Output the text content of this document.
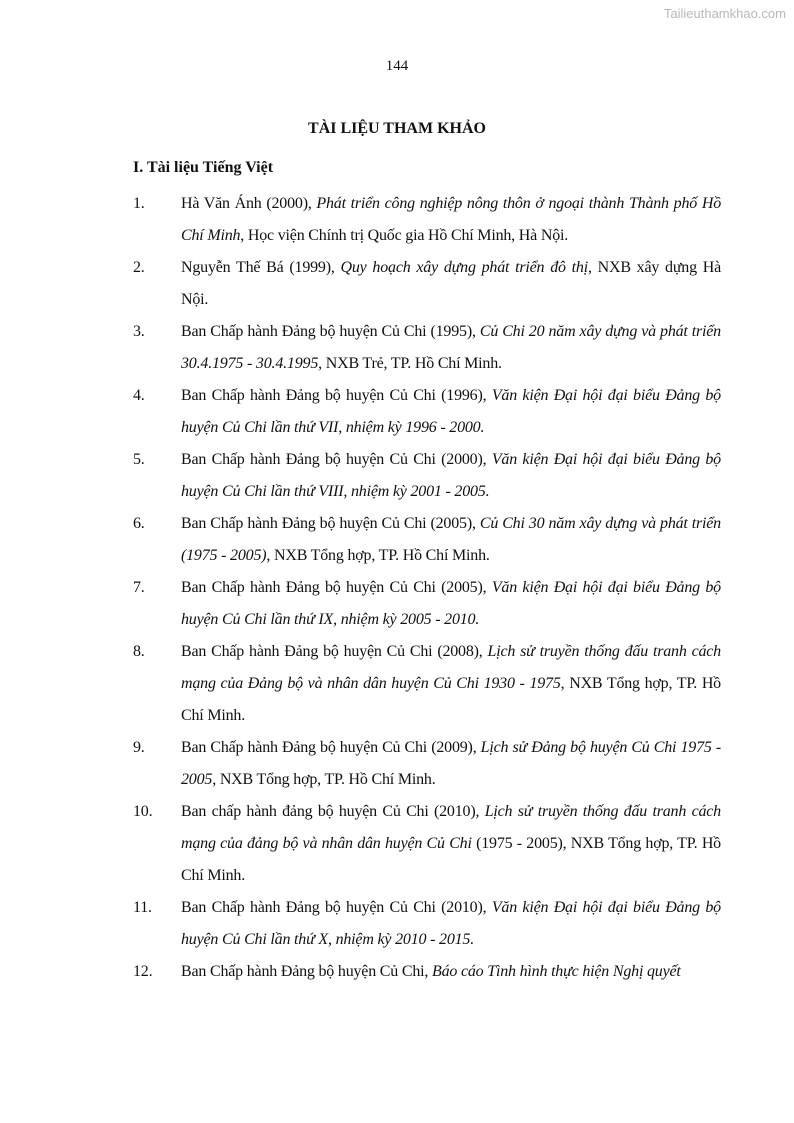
Tailieuthamkhao.com
144
TÀI LIỆU THAM KHẢO
I. Tài liệu Tiếng Việt
1. Hà Văn Ánh (2000), Phát triển công nghiệp nông thôn ở ngoại thành Thành phố Hồ Chí Minh, Học viện Chính trị Quốc gia Hồ Chí Minh, Hà Nội.
2. Nguyễn Thế Bá (1999), Quy hoạch xây dựng phát triển đô thị, NXB xây dựng Hà Nội.
3. Ban Chấp hành Đảng bộ huyện Củ Chi (1995), Củ Chi 20 năm xây dựng và phát triển 30.4.1975 - 30.4.1995, NXB Trẻ, TP. Hồ Chí Minh.
4. Ban Chấp hành Đảng bộ huyện Củ Chi (1996), Văn kiện Đại hội đại biểu Đảng bộ huyện Củ Chi lần thứ VII, nhiệm kỳ 1996 - 2000.
5. Ban Chấp hành Đảng bộ huyện Củ Chi (2000), Văn kiện Đại hội đại biểu Đảng bộ huyện Củ Chi lần thứ VIII, nhiệm kỳ 2001 - 2005.
6. Ban Chấp hành Đảng bộ huyện Củ Chi (2005), Củ Chi 30 năm xây dựng và phát triển (1975 - 2005), NXB Tổng hợp, TP. Hồ Chí Minh.
7. Ban Chấp hành Đảng bộ huyện Củ Chi (2005), Văn kiện Đại hội đại biểu Đảng bộ huyện Củ Chi lần thứ IX, nhiệm kỳ 2005 - 2010.
8. Ban Chấp hành Đảng bộ huyện Củ Chi (2008), Lịch sử truyền thống đấu tranh cách mạng của Đảng bộ và nhân dân huyện Củ Chi 1930 - 1975, NXB Tổng hợp, TP. Hồ Chí Minh.
9. Ban Chấp hành Đảng bộ huyện Củ Chi (2009), Lịch sử Đảng bộ huyện Củ Chi 1975 - 2005, NXB Tổng hợp, TP. Hồ Chí Minh.
10. Ban chấp hành đảng bộ huyện Củ Chi (2010), Lịch sử truyền thống đấu tranh cách mạng của đảng bộ và nhân dân huyện Củ Chi (1975 - 2005), NXB Tổng hợp, TP. Hồ Chí Minh.
11. Ban Chấp hành Đảng bộ huyện Củ Chi (2010), Văn kiện Đại hội đại biểu Đảng bộ huyện Củ Chi lần thứ X, nhiệm kỳ 2010 - 2015.
12. Ban Chấp hành Đảng bộ huyện Củ Chi, Báo cáo Tình hình thực hiện Nghị quyết
